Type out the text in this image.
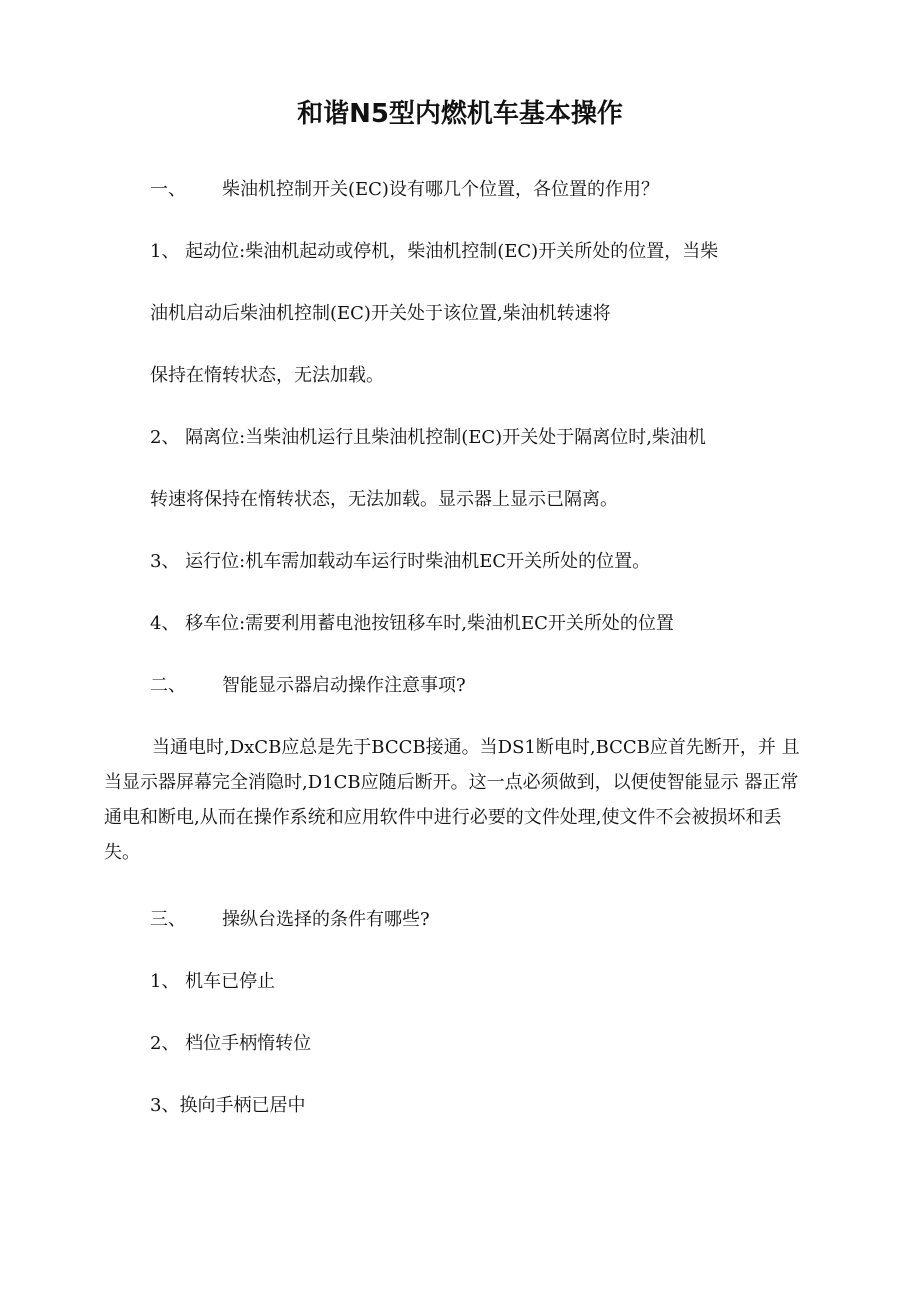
和谐N5型内燃机车基本操作
一、 柴油机控制开关(EC)设有哪几个位置，各位置的作用？
1、 起动位:柴油机起动或停机，柴油机控制(EC)开关所处的位置，当柴
油机启动后柴油机控制(EC)开关处于该位置,柴油机转速将
保持在惰转状态，无法加载。
2、 隔离位:当柴油机运行且柴油机控制(EC)开关处于隔离位时,柴油机
转速将保持在惰转状态，无法加载。显示器上显示已隔离。
3、 运行位:机车需加载动车运行时柴油机EC开关所处的位置。
4、 移车位:需要利用蓄电池按钮移车时,柴油机EC开关所处的位置
二、 智能显示器启动操作注意事项?
当通电时,DxCB应总是先于BCCB接通。当DS1断电时,BCCB应首先断开，并 且当显示器屏幕完全消隐时,D1CB应随后断开。这一点必须做到，以便使智能显示 器正常通电和断电,从而在操作系统和应用软件中进行必要的文件处理,使文件不会被损坏和丢失。
三、 操纵台选择的条件有哪些?
1、 机车已停止
2、 档位手柄惰转位
3、换向手柄已居中
